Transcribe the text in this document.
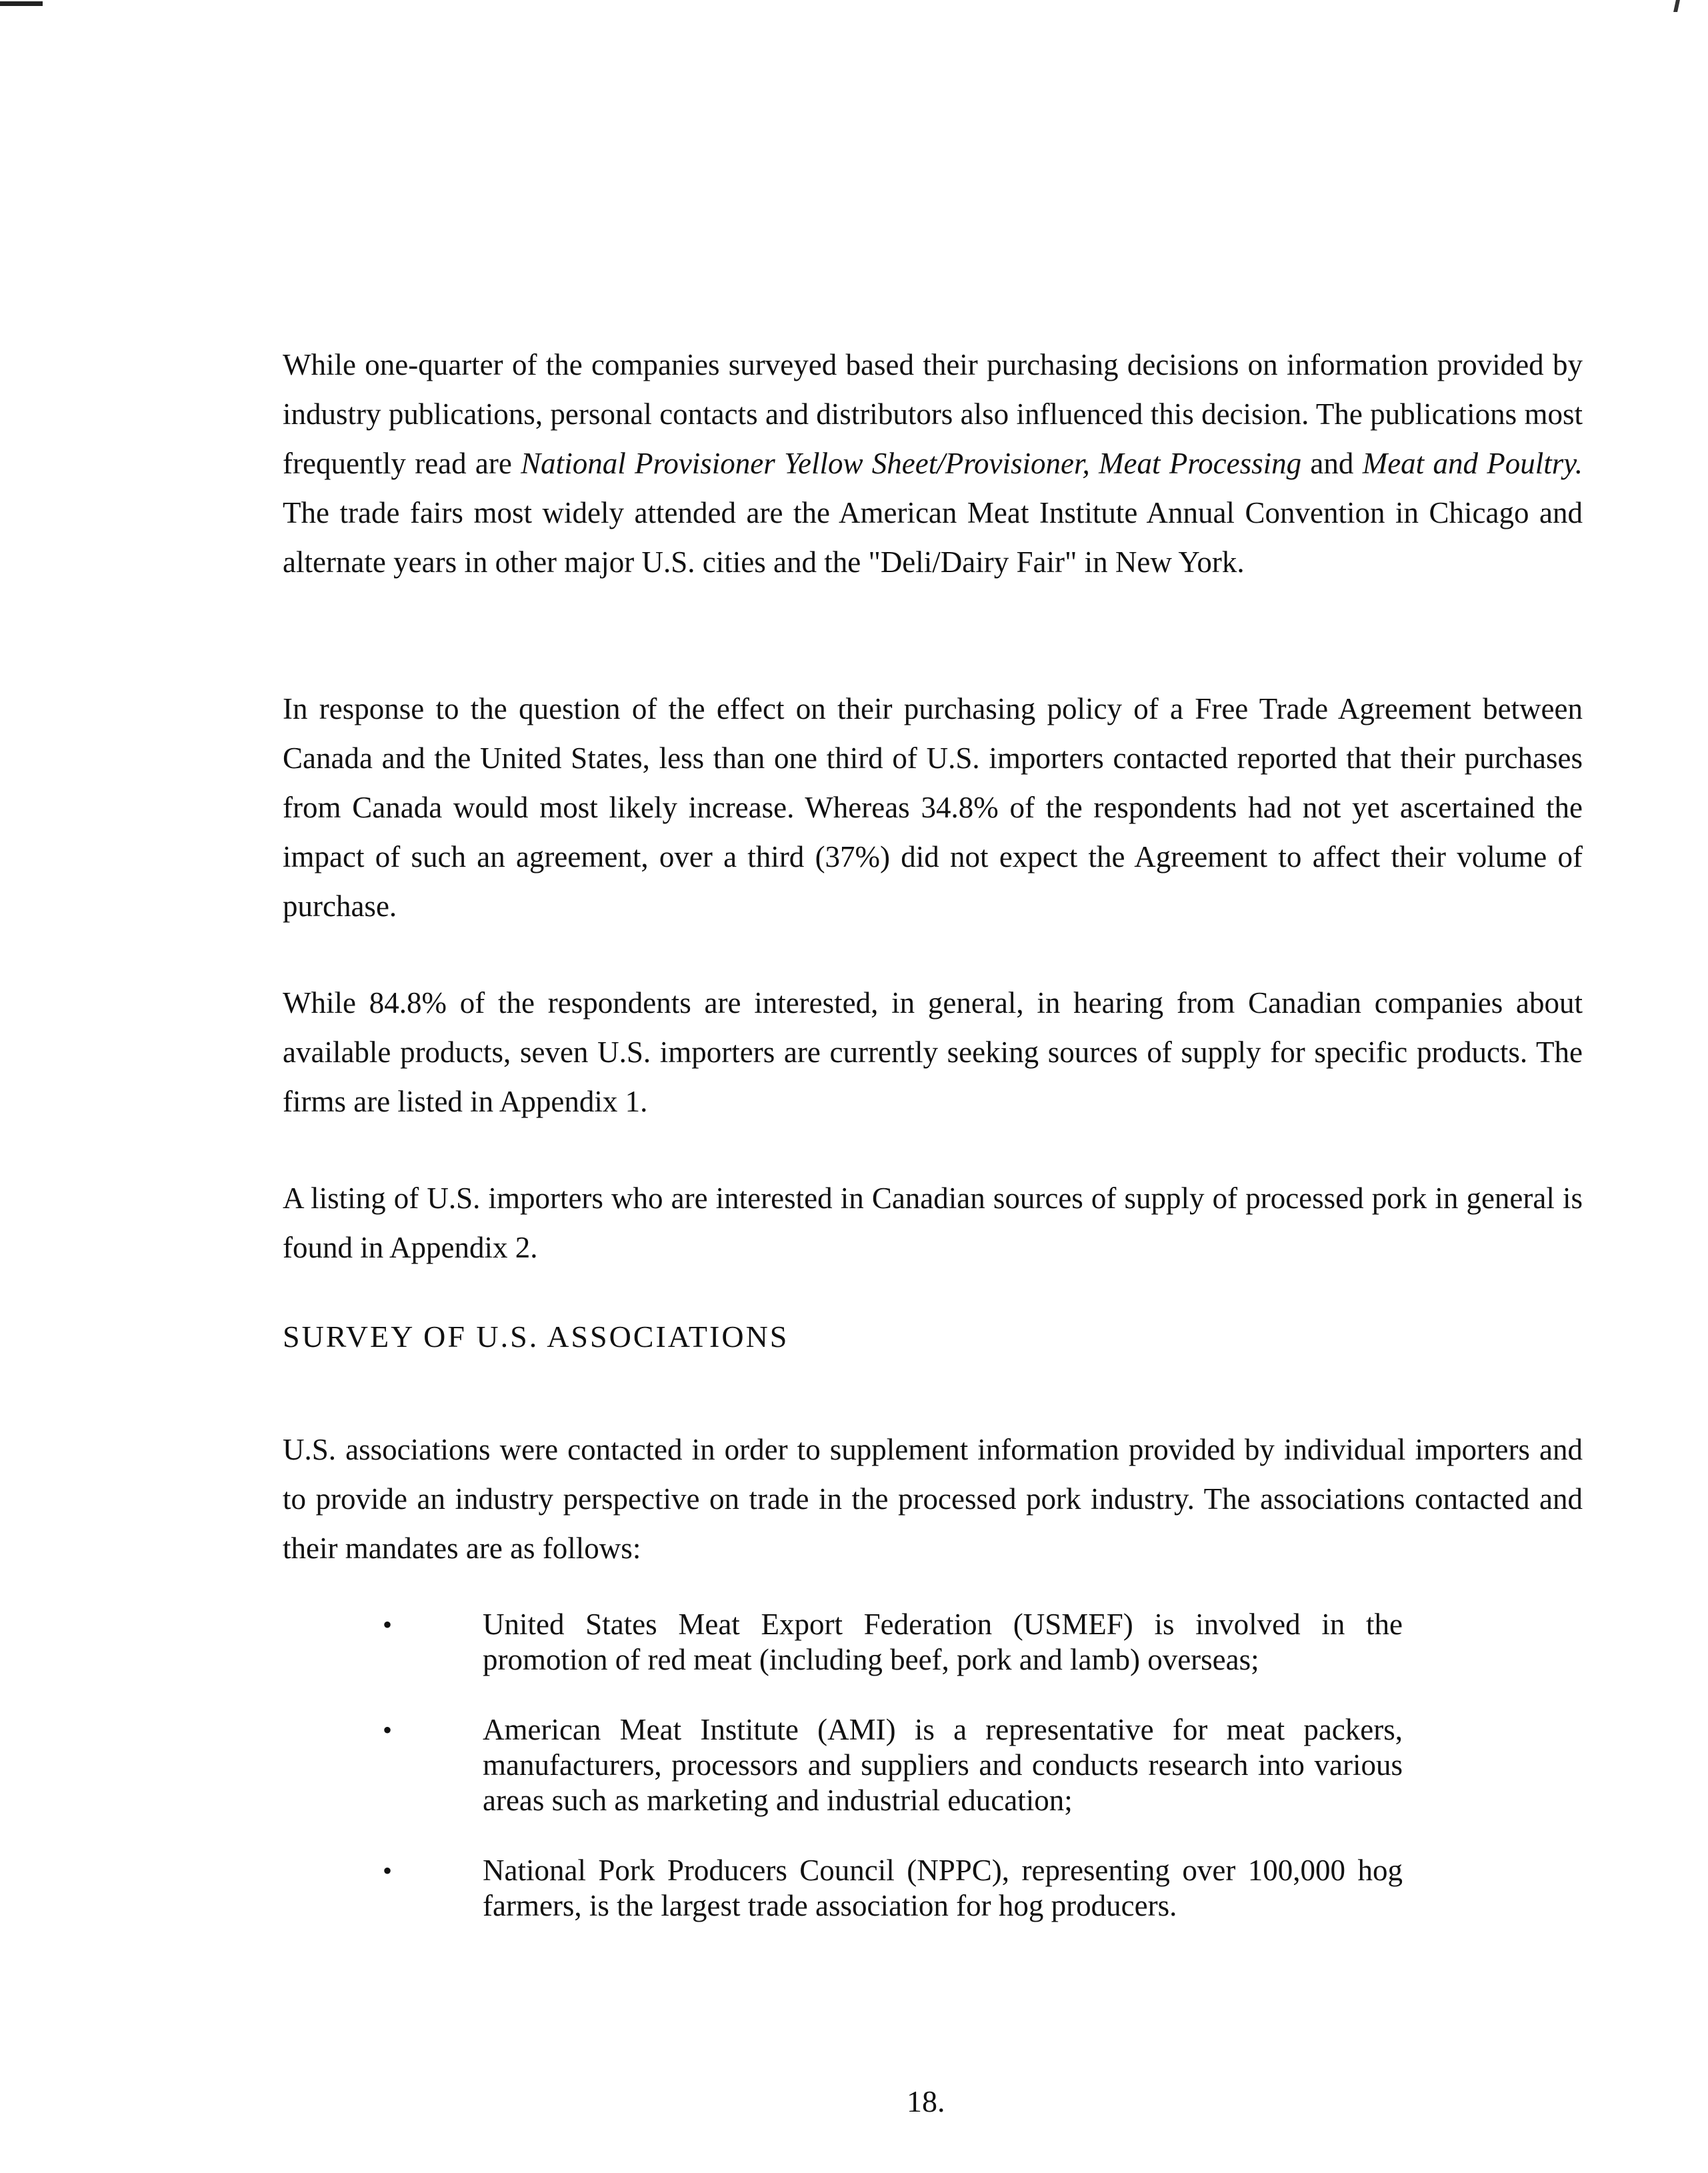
While one-quarter of the companies surveyed based their purchasing decisions on information provided by industry publications, personal contacts and distributors also influenced this decision. The publications most frequently read are National Provisioner Yellow Sheet/Provisioner, Meat Processing and Meat and Poultry. The trade fairs most widely attended are the American Meat Institute Annual Convention in Chicago and alternate years in other major U.S. cities and the "Deli/Dairy Fair" in New York.

In response to the question of the effect on their purchasing policy of a Free Trade Agreement between Canada and the United States, less than one third of U.S. importers contacted reported that their purchases from Canada would most likely increase. Whereas 34.8% of the respondents had not yet ascertained the impact of such an agreement, over a third (37%) did not expect the Agreement to affect their volume of purchase.

While 84.8% of the respondents are interested, in general, in hearing from Canadian companies about available products, seven U.S. importers are currently seeking sources of supply for specific products. The firms are listed in Appendix 1.

A listing of U.S. importers who are interested in Canadian sources of supply of processed pork in general is found in Appendix 2.

SURVEY OF U.S. ASSOCIATIONS

U.S. associations were contacted in order to supplement information provided by individual importers and to provide an industry perspective on trade in the processed pork industry. The associations contacted and their mandates are as follows:

•	United States Meat Export Federation (USMEF) is involved in the promotion of red meat (including beef, pork and lamb) overseas;
•	American Meat Institute (AMI) is a representative for meat packers, manufacturers, processors and suppliers and conducts research into various areas such as marketing and industrial education;
•	National Pork Producers Council (NPPC), representing over 100,000 hog farmers, is the largest trade association for hog producers.

18.
